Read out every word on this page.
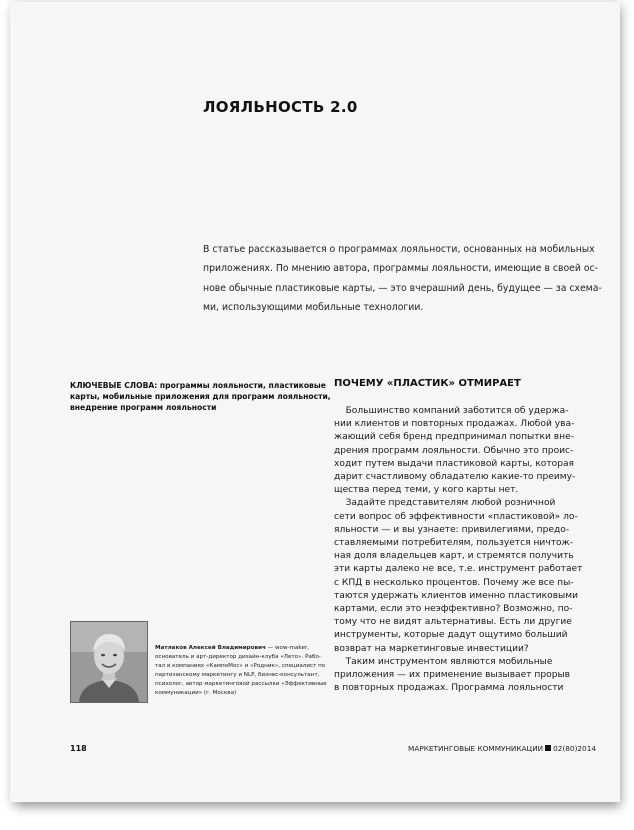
ЛОЯЛЬНОСТЬ 2.0
В статье рассказывается о программах лояльности, основанных на мобильных
приложениях. По мнению автора, программы лояльности, имеющие в своей ос-
нове обычные пластиковые карты, — это вчерашний день, будущее — за схема-
ми, использующими мобильные технологии.
КЛЮЧЕВЫЕ СЛОВА: программы лояльности, пластиковые
карты, мобильные приложения для программ лояльности,
внедрение программ лояльности
ПОЧЕМУ «ПЛАСТИК» ОТМИРАЕТ
Большинство компаний заботится об удержа-
нии клиентов и повторных продажах. Любой ува-
жающий себя бренд предпринимал попытки вне-
дрения программ лояльности. Обычно это проис-
ходит путем выдачи пластиковой карты, которая
дарит счастливому обладателю какие-то преиму-
щества перед теми, у кого карты нет.
Задайте представителям любой розничной
сети вопрос об эффективности «пластиковой» ло-
яльности — и вы узнаете: привилегиями, предо-
ставляемыми потребителям, пользуется ничтож-
ная доля владельцев карт, и стремятся получить
эти карты далеко не все, т.е. инструмент работает
с КПД в несколько процентов. Почему же все пы-
таются удержать клиентов именно пластиковыми
картами, если это неэффективно? Возможно, по-
тому что не видят альтернативы. Есть ли другие
инструменты, которые дадут ощутимо больший
возврат на маркетинговые инвестиции?
Таким инструментом являются мобильные
приложения — их применение вызывает прорыв
в повторных продажах. Программа лояльности
Матлаков Алексей Владимирович — wow-maker,
основатель и арт-директор дизайн-клуба «Лето». Рабо-
тал в компаниях «КампоМос» и «Родник», специалист по
партизанскому маркетингу и NLP, бизнес-консультант,
психолог, автор маркетинговой рассылки «Эффективные
коммуникации» (г. Москва)
118	МАРКЕТИНГОВЫЕ КОММУНИКАЦИИ 02(80)2014
